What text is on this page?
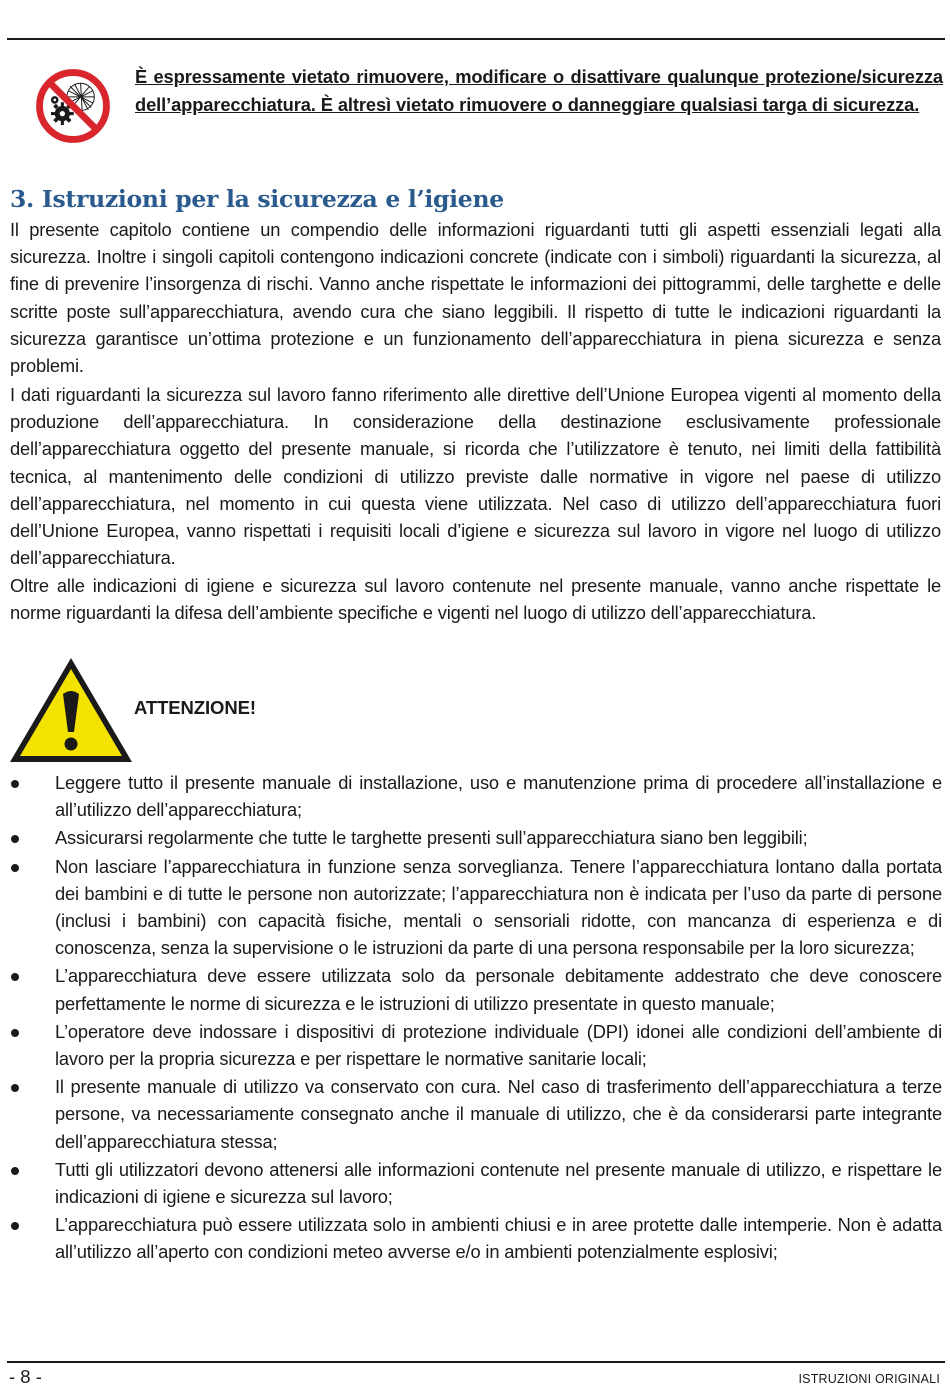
È espressamente vietato rimuovere, modificare o disattivare qualunque protezione/sicurezza dell’apparecchiatura. È altresì vietato rimuovere o danneggiare qualsiasi targa di sicurezza.
3. Istruzioni per la sicurezza e l’igiene
Il presente capitolo contiene un compendio delle informazioni riguardanti tutti gli aspetti essenziali legati alla sicurezza. Inoltre i singoli capitoli contengono indicazioni concrete (indicate con i simboli) riguardanti la sicurezza, al fine di prevenire l’insorgenza di rischi. Vanno anche rispettate le informazioni dei pittogrammi, delle targhette e delle scritte poste sull’apparecchiatura, avendo cura che siano leggibili. Il rispetto di tutte le indicazioni riguardanti la sicurezza garantisce un’ottima protezione e un funzionamento dell’apparecchiatura in piena sicurezza e senza problemi.
I dati riguardanti la sicurezza sul lavoro fanno riferimento alle direttive dell’Unione Europea vigenti al momento della produzione dell’apparecchiatura. In considerazione della destinazione esclusivamente professionale dell’apparecchiatura oggetto del presente manuale, si ricorda che l’utilizzatore è tenuto, nei limiti della fattibilità tecnica, al mantenimento delle condizioni di utilizzo previste dalle normative in vigore nel paese di utilizzo dell’apparecchiatura, nel momento in cui questa viene utilizzata. Nel caso di utilizzo dell’apparecchiatura fuori dell’Unione Europea, vanno rispettati i requisiti locali d’igiene e sicurezza sul lavoro in vigore nel luogo di utilizzo dell’apparecchiatura.
Oltre alle indicazioni di igiene e sicurezza sul lavoro contenute nel presente manuale, vanno anche rispettate le norme riguardanti la difesa dell’ambiente specifiche e vigenti nel luogo di utilizzo dell’apparecchiatura.
ATTENZIONE!
Leggere tutto il presente manuale di installazione, uso e manutenzione prima di procedere all’installazione e all’utilizzo dell’apparecchiatura;
Assicurarsi regolarmente che tutte le targhette presenti sull’apparecchiatura siano ben leggibili;
Non lasciare l’apparecchiatura in funzione senza sorveglianza. Tenere l’apparecchiatura lontano dalla portata dei bambini e di tutte le persone non autorizzate; l’apparecchiatura non è indicata per l’uso da parte di persone (inclusi i bambini) con capacità fisiche, mentali o sensoriali ridotte, con mancanza di esperienza e di conoscenza, senza la supervisione o le istruzioni da parte di una persona responsabile per la loro sicurezza;
L’apparecchiatura deve essere utilizzata solo da personale debitamente addestrato che deve conoscere perfettamente le norme di sicurezza e le istruzioni di utilizzo presentate in questo manuale;
L’operatore deve indossare i dispositivi di protezione individuale (DPI) idonei alle condizioni dell’ambiente di lavoro per la propria sicurezza e per rispettare le normative sanitarie locali;
Il presente manuale di utilizzo va conservato con cura. Nel caso di trasferimento dell’apparecchiatura a terze persone, va necessariamente consegnato anche il manuale di utilizzo, che è da considerarsi parte integrante dell’apparecchiatura stessa;
Tutti gli utilizzatori devono attenersi alle informazioni contenute nel presente manuale di utilizzo, e rispettare le indicazioni di igiene e sicurezza sul lavoro;
L’apparecchiatura può essere utilizzata solo in ambienti chiusi e in aree protette dalle intemperie. Non è adatta all’utilizzo all’aperto con condizioni meteo avverse e/o in ambienti potenzialmente esplosivi;
- 8 -	ISTRUZIONI ORIGINALI
